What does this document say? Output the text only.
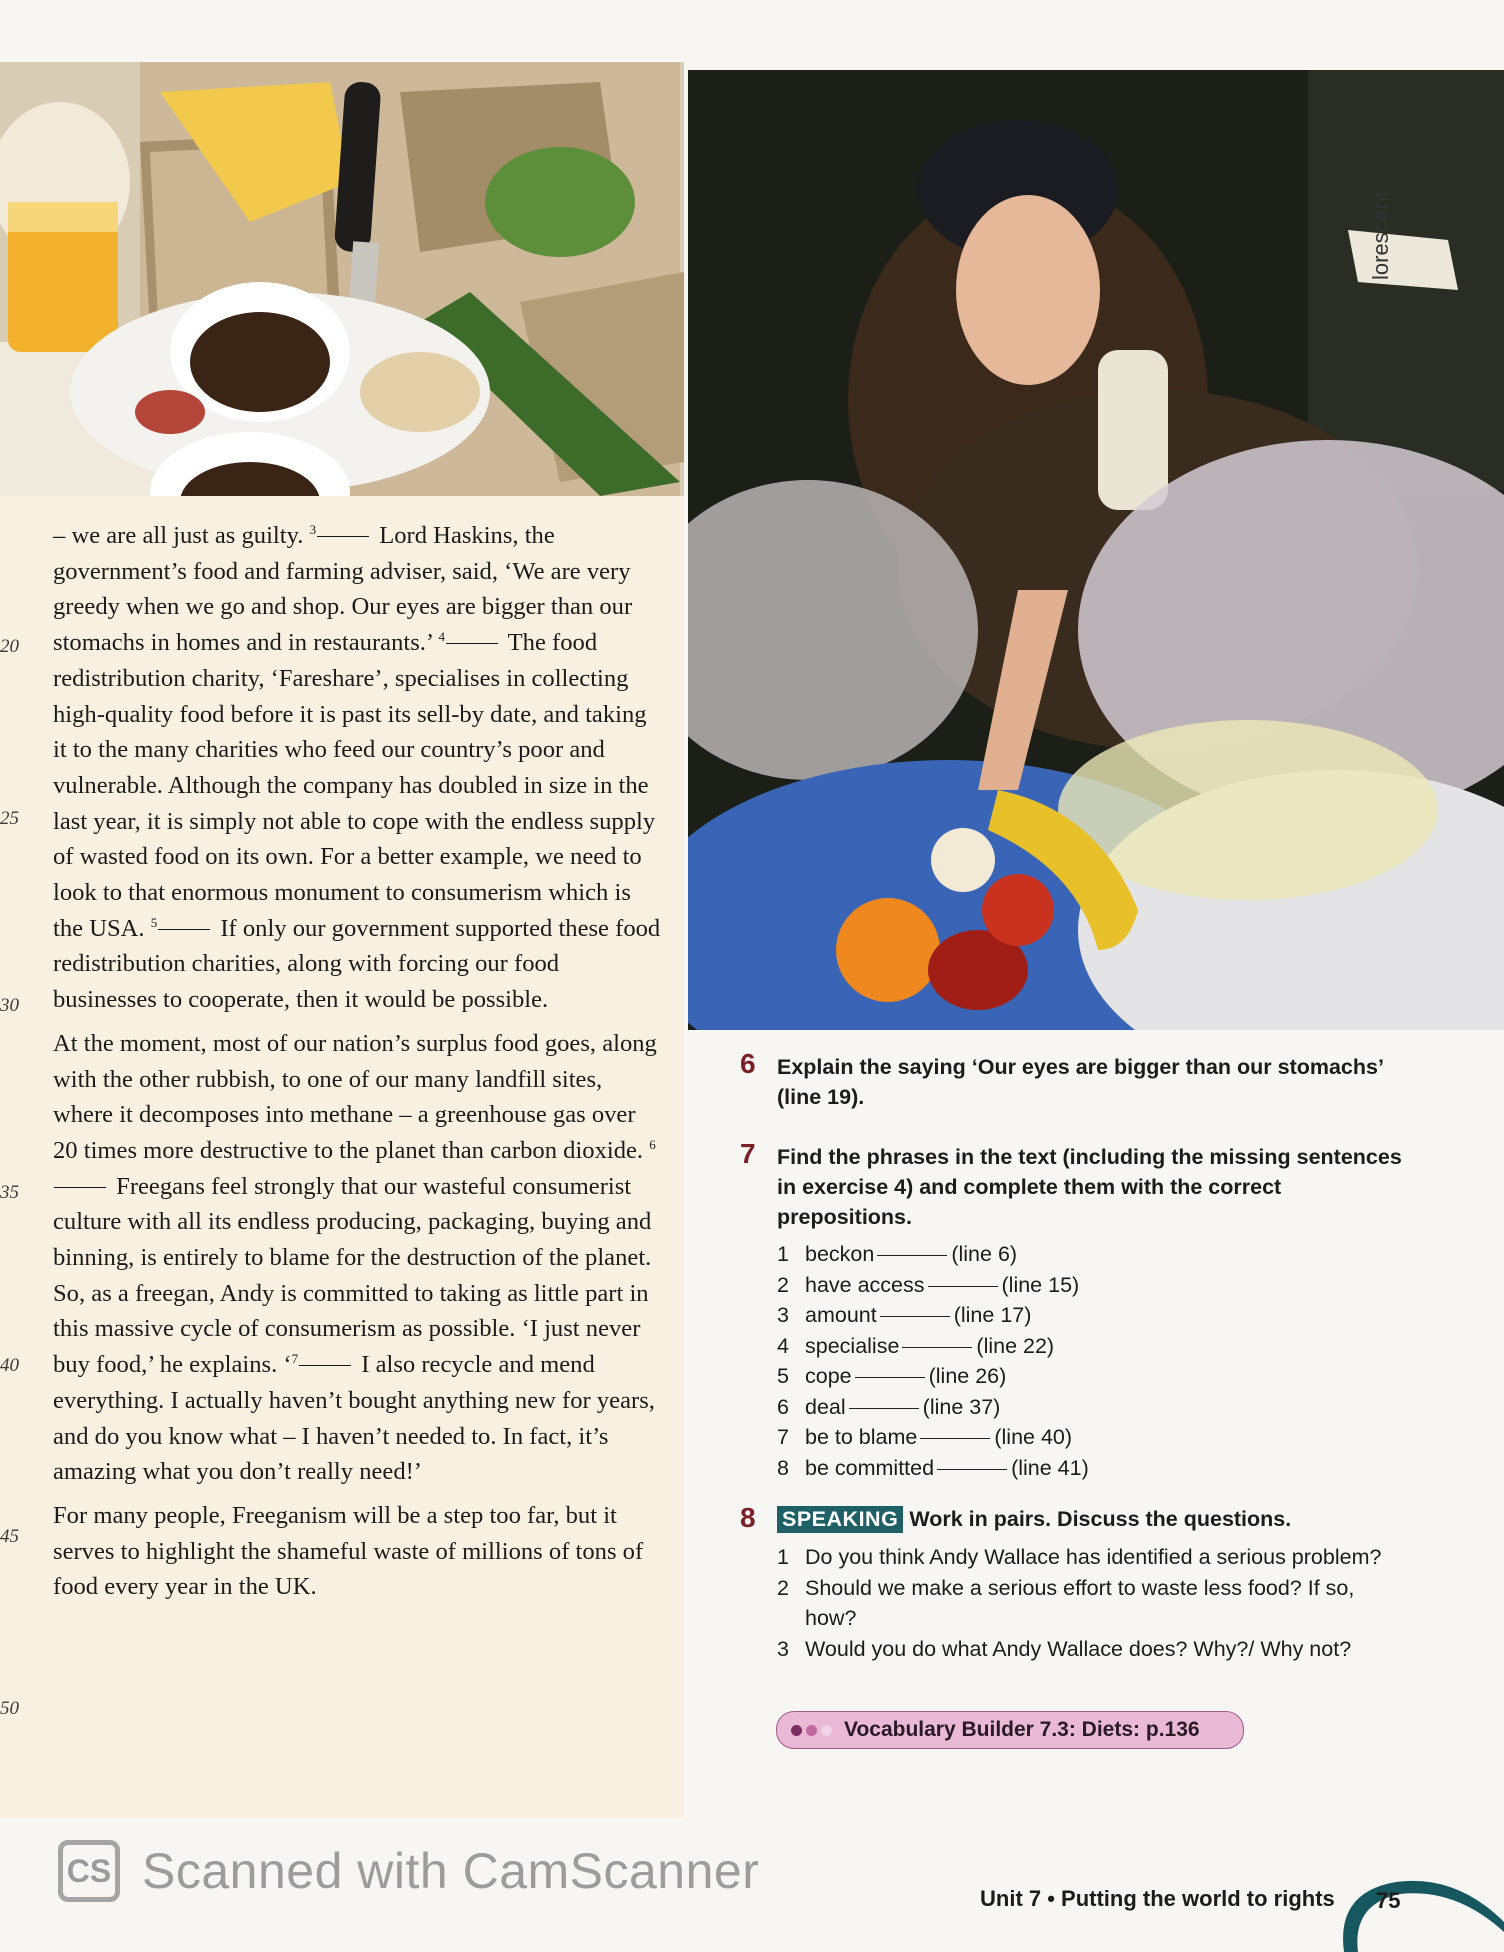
lorescent
20
25
30
35
40
45
50

– we are all just as guilty. $^3$ Lord Haskins, the government’s food and farming adviser, said, ‘We are very greedy when we go and shop. Our eyes are bigger than our stomachs in homes and in restaurants.’ $^4$ The food redistribution charity, ‘Fareshare’, specialises in collecting high-quality food before it is past its sell-by date, and taking it to the many charities who feed our country’s poor and vulnerable. Although the company has doubled in size in the last year, it is simply not able to cope with the endless supply of wasted food on its own. For a better example, we need to look to that enormous monument to consumerism which is the USA. $^5$ If only our government supported these food redistribution charities, along with forcing our food businesses to cooperate, then it would be possible.

At the moment, most of our nation’s surplus food goes, along with the other rubbish, to one of our many landfill sites, where it decomposes into methane – a greenhouse gas over 20 times more destructive to the planet than carbon dioxide. $^6$ Freegans feel strongly that our wasteful consumerist culture with all its endless producing, packaging, buying and binning, is entirely to blame for the destruction of the planet. So, as a freegan, Andy is committed to taking as little part in this massive cycle of consumerism as possible. ‘I just never buy food,’ he explains. ‘$^7$ I also recycle and mend everything. I actually haven’t bought anything new for years, and do you know what – I haven’t needed to. In fact, it’s amazing what you don’t really need!’

For many people, Freeganism will be a step too far, but it serves to highlight the shameful waste of millions of tons of food every year in the UK.

6 Explain the saying ‘Our eyes are bigger than our stomachs’ (line 19).
7 Find the phrases in the text (including the missing sentences in exercise 4) and complete them with the correct prepositions.
1 beckon	(line 6)
2 have access	(line 15)
3 amount	(line 17)
4 specialise	(line 22)
5 cope	(line 26)
6 deal	(line 37)
7 be to blame	(line 40)
8 be committed	(line 41)
8 SPEAKING Work in pairs. Discuss the questions.
1 Do you think Andy Wallace has identified a serious problem?
2 Should we make a serious effort to waste less food? If so, how?
3 Would you do what Andy Wallace does? Why?/ Why not?
Vocabulary Builder 7.3: Diets: p.136
CS Scanned with CamScanner	Unit 7 • Putting the world to rights 75
